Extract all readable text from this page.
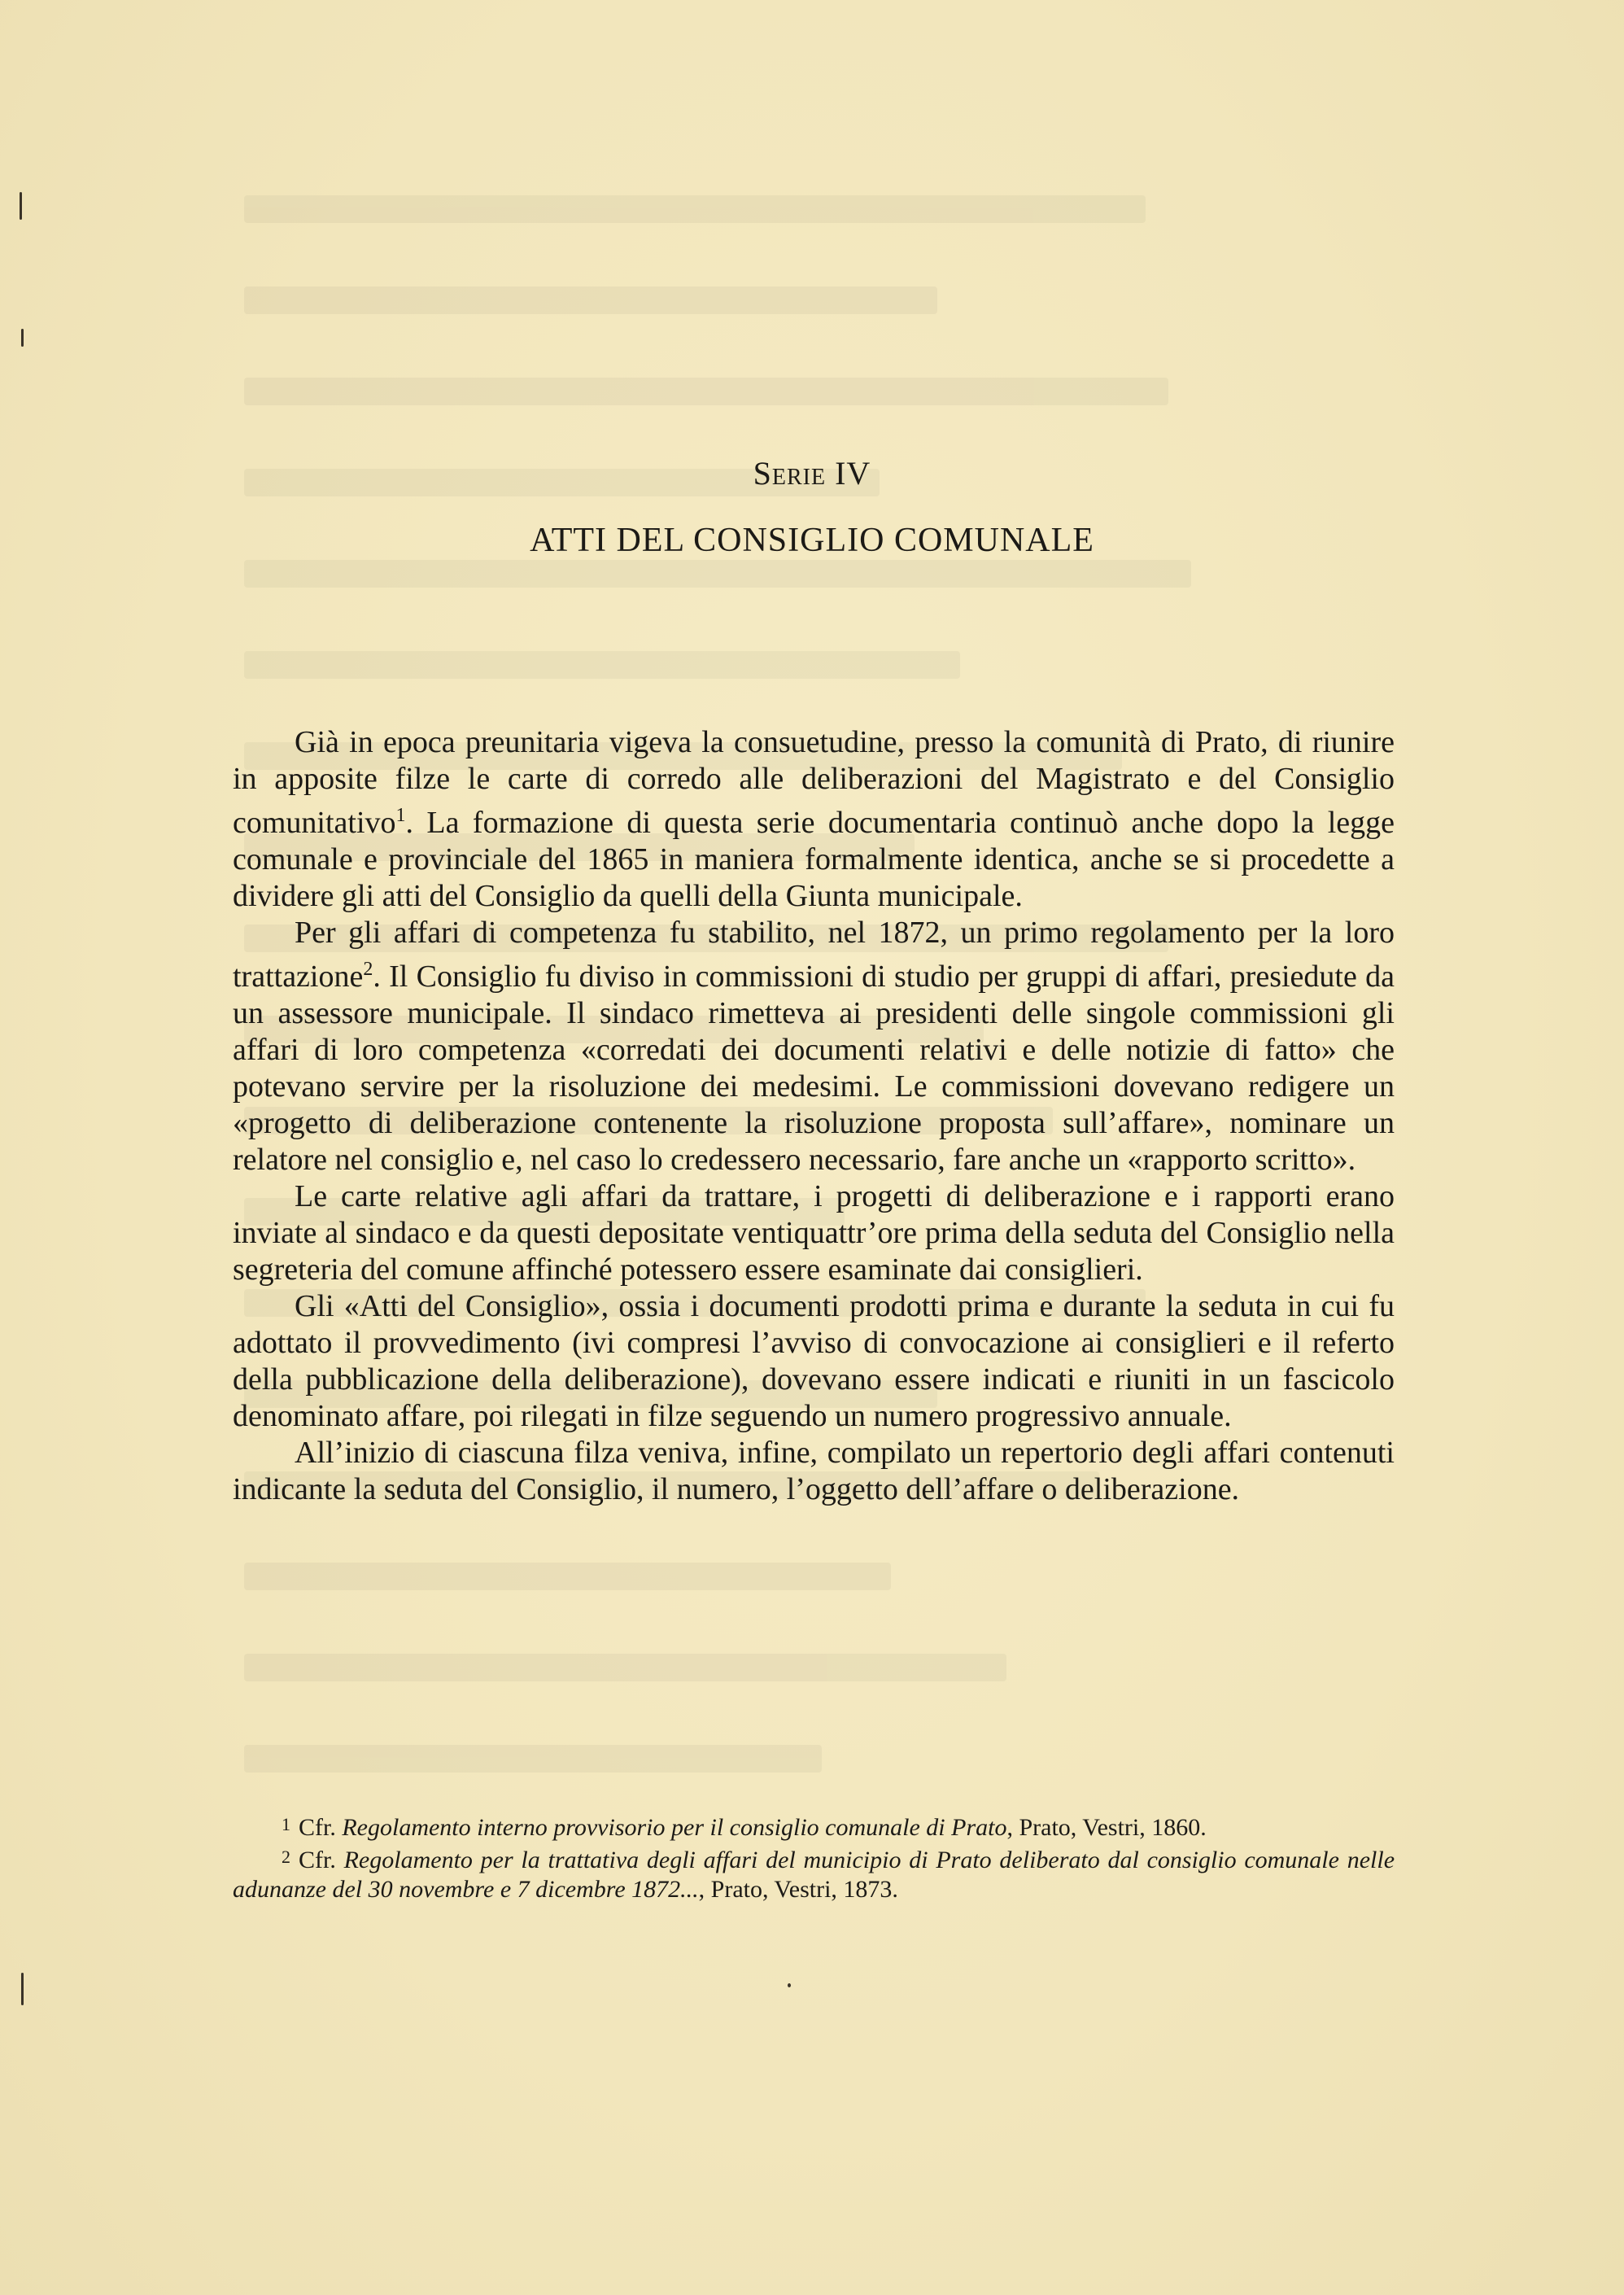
Serie IV
ATTI DEL CONSIGLIO COMUNALE

Già in epoca preunitaria vigeva la consuetudine, presso la comunità di Prato, di riunire in apposite filze le carte di corredo alle deliberazioni del Magistrato e del Consiglio comunitativo$^1$. La formazione di questa serie documentaria continuò anche dopo la legge comunale e provinciale del 1865 in maniera formalmente identica, anche se si procedette a dividere gli atti del Consiglio da quelli della Giunta municipale.

Per gli affari di competenza fu stabilito, nel 1872, un primo regolamento per la loro trattazione$^2$. Il Consiglio fu diviso in commissioni di studio per gruppi di affari, presiedute da un assessore municipale. Il sindaco rimetteva ai presidenti delle singole commissioni gli affari di loro competenza «corredati dei documenti relativi e delle notizie di fatto» che potevano servire per la risoluzione dei medesimi. Le commissioni dovevano redigere un «progetto di deliberazione contenente la risoluzione proposta sull’affare», nominare un relatore nel consiglio e, nel caso lo credessero necessario, fare anche un «rapporto scritto».

Le carte relative agli affari da trattare, i progetti di deliberazione e i rapporti erano inviate al sindaco e da questi depositate ventiquattr’ore prima della seduta del Consiglio nella segreteria del comune affinché potessero essere esaminate dai consiglieri.

Gli «Atti del Consiglio», ossia i documenti prodotti prima e durante la seduta in cui fu adottato il provvedimento (ivi compresi l’avviso di convocazione ai consiglieri e il referto della pubblicazione della deliberazione), dovevano essere indicati e riuniti in un fascicolo denominato affare, poi rilegati in filze seguendo un numero progressivo annuale.

All’inizio di ciascuna filza veniva, infine, compilato un repertorio degli affari contenuti indicante la seduta del Consiglio, il numero, l’oggetto dell’affare o deliberazione.

$^1$ Cfr. Regolamento interno provvisorio per il consiglio comunale di Prato, Prato, Vestri, 1860.

$^2$ Cfr. Regolamento per la trattativa degli affari del municipio di Prato deliberato dal consiglio comunale nelle adunanze del 30 novembre e 7 dicembre 1872..., Prato, Vestri, 1873.
